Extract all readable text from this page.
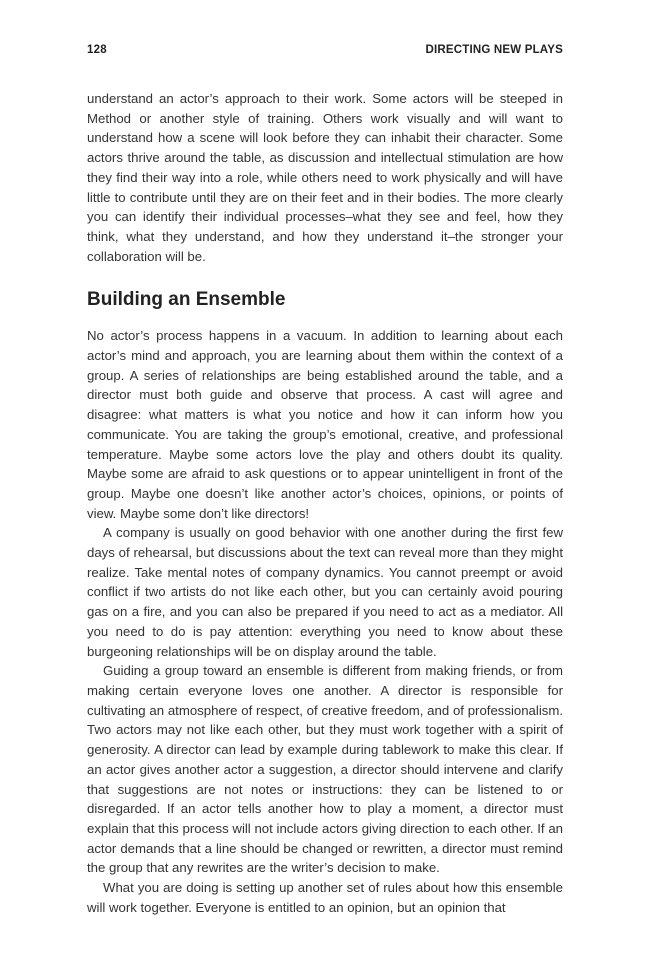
128	DIRECTING NEW PLAYS

understand an actor’s approach to their work. Some actors will be steeped in Method or another style of training. Others work visually and will want to understand how a scene will look before they can inhabit their character. Some actors thrive around the table, as discussion and intellectual stimulation are how they find their way into a role, while others need to work physically and will have little to contribute until they are on their feet and in their bodies. The more clearly you can identify their individual processes–what they see and feel, how they think, what they understand, and how they understand it–the stronger your collaboration will be.

Building an Ensemble

No actor’s process happens in a vacuum. In addition to learning about each actor’s mind and approach, you are learning about them within the context of a group. A series of relationships are being established around the table, and a director must both guide and observe that process. A cast will agree and disagree: what matters is what you notice and how it can inform how you communicate. You are taking the group’s emotional, creative, and professional temperature. Maybe some actors love the play and others doubt its quality. Maybe some are afraid to ask questions or to appear unintelligent in front of the group. Maybe one doesn’t like another actor’s choices, opinions, or points of view. Maybe some don’t like directors!

A company is usually on good behavior with one another during the first few days of rehearsal, but discussions about the text can reveal more than they might realize. Take mental notes of company dynamics. You cannot preempt or avoid conflict if two artists do not like each other, but you can certainly avoid pouring gas on a fire, and you can also be prepared if you need to act as a mediator. All you need to do is pay attention: everything you need to know about these burgeoning relationships will be on display around the table.

Guiding a group toward an ensemble is different from making friends, or from making certain everyone loves one another. A director is responsible for cultivating an atmosphere of respect, of creative freedom, and of professionalism. Two actors may not like each other, but they must work together with a spirit of generosity. A director can lead by example during tablework to make this clear. If an actor gives another actor a suggestion, a director should intervene and clarify that suggestions are not notes or instructions: they can be listened to or disregarded. If an actor tells another how to play a moment, a director must explain that this process will not include actors giving direction to each other. If an actor demands that a line should be changed or rewritten, a director must remind the group that any rewrites are the writer’s decision to make.

What you are doing is setting up another set of rules about how this ensemble will work together. Everyone is entitled to an opinion, but an opinion that
